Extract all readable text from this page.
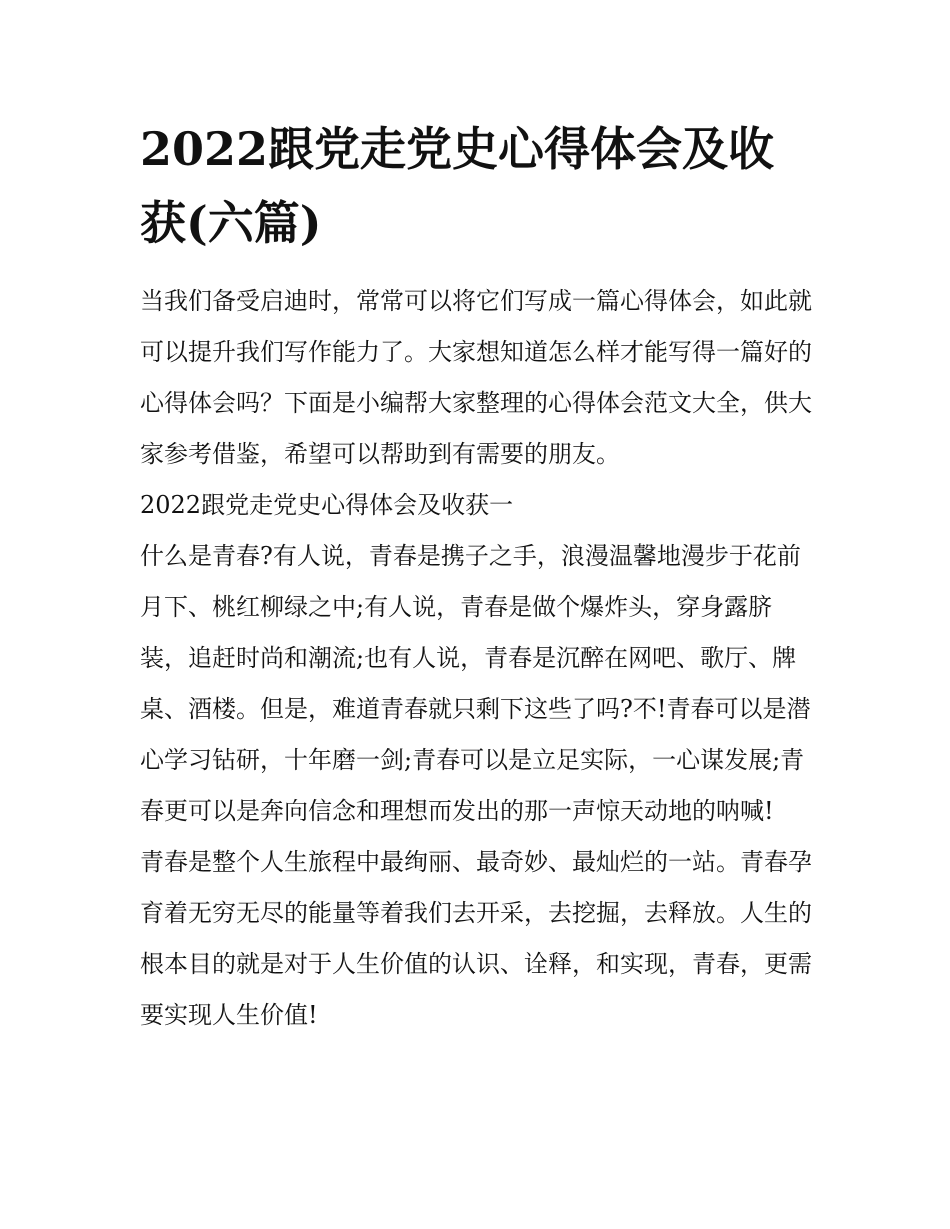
2022跟党走党史心得体会及收获(六篇)

当我们备受启迪时，常常可以将它们写成一篇心得体会，如此就可以提升我们写作能力了。大家想知道怎么样才能写得一篇好的心得体会吗？下面是小编帮大家整理的心得体会范文大全，供大家参考借鉴，希望可以帮助到有需要的朋友。

2022跟党走党史心得体会及收获一

什么是青春?有人说，青春是携子之手，浪漫温馨地漫步于花前月下、桃红柳绿之中;有人说，青春是做个爆炸头，穿身露脐装，追赶时尚和潮流;也有人说，青春是沉醉在网吧、歌厅、牌桌、酒楼。但是，难道青春就只剩下这些了吗?不!青春可以是潜心学习钻研，十年磨一剑;青春可以是立足实际，一心谋发展;青春更可以是奔向信念和理想而发出的那一声惊天动地的呐喊!

青春是整个人生旅程中最绚丽、最奇妙、最灿烂的一站。青春孕育着无穷无尽的能量等着我们去开采，去挖掘，去释放。人生的根本目的就是对于人生价值的认识、诠释，和实现，青春，更需要实现人生价值!
